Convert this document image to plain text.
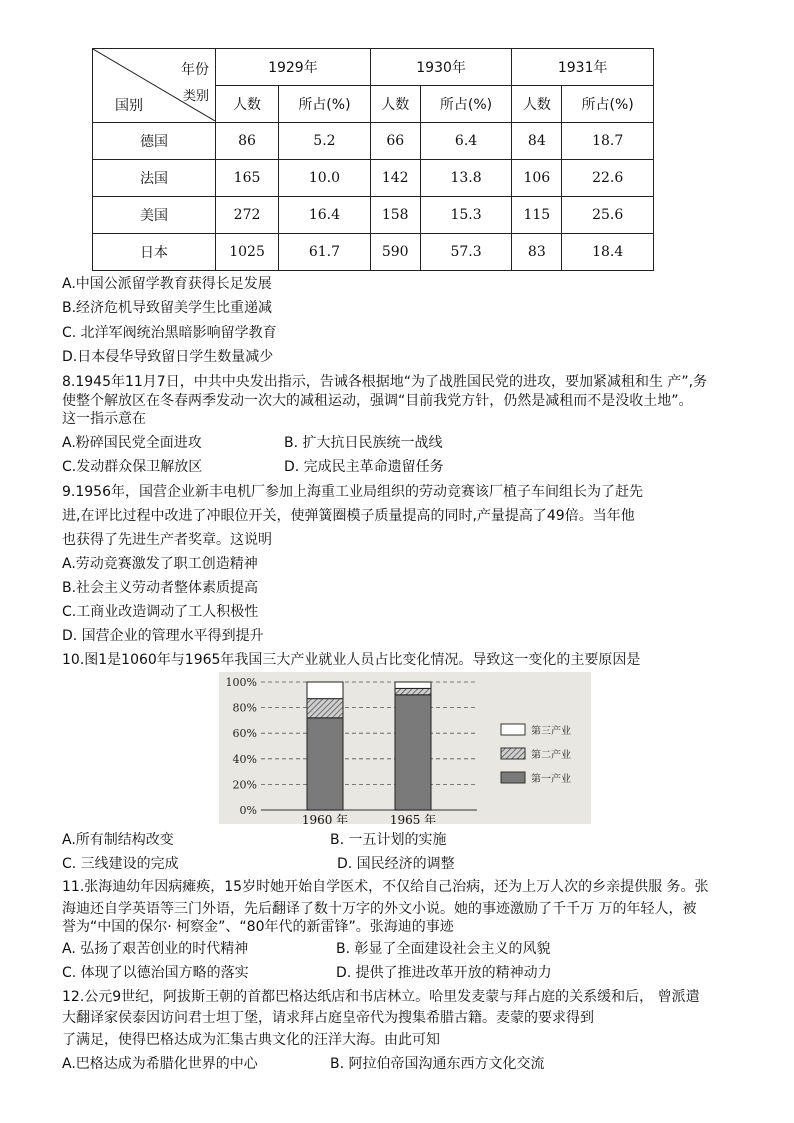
年份
类别
国别	1929年		1930年		1931年	
	人数	所占(%)	人数	所占(%)	人数	所占(%)
德国	86	5.2	66	6.4	84	18.7
法国	165	10.0	142	13.8	106	22.6
美国	272	16.4	158	15.3	115	25.6
日本	1025	61.7	590	57.3	83	18.4
A.中国公派留学教育获得长足发展
B.经济危机导致留美学生比重递减
C. 北洋军阀统治黑暗影响留学教育
D.日本侵华导致留日学生数量减少
8.1945年11月7日，中共中央发出指示，告诫各根据地“为了战胜国民党的进攻，要加紧减租和生 产”,务
使整个解放区在冬春两季发动一次大的减租运动，强调“目前我党方针，仍然是减租而不是没收土地”。
这一指示意在
A.粉碎国民党全面进攻	B. 扩大抗日民族统一战线
C.发动群众保卫解放区	D. 完成民主革命遗留任务
9.1956年，国营企业新丰电机厂参加上海重工业局组织的劳动竞赛该厂植子车间组长为了赶先
进,在评比过程中改进了冲眼位开关，使弹簧圈模子质量提高的同时,产量提高了49倍。当年他
也获得了先进生产者奖章。这说明
A.劳动竞赛激发了职工创造精神
B.社会主义劳动者整体素质提高
C.工商业改造调动了工人积极性
D. 国营企业的管理水平得到提升
10.图1是1060年与1965年我国三大产业就业人员占比变化情况。导致这一变化的主要原因是
0%
20%
40%
60%
80%
100%
1960 年	1965 年
第三产业
第二产业
第一产业
A.所有制结构改变	B. 一五计划的实施
C. 三线建设的完成	D. 国民经济的调整
11.张海迪幼年因病瘫痪，15岁时她开始自学医术，不仅给自己治病，还为上万人次的乡亲提供服 务。张
海迪还自学英语等三门外语，先后翻译了数十万字的外文小说。她的事迹激励了千千万 万的年轻人，被
誉为“中国的保尔· 柯察金”、“80年代的新雷锋”。张海迪的事迹
A. 弘扬了艰苦创业的时代精神	B. 彰显了全面建设社会主义的风貌
C. 体现了以德治国方略的落实	D. 提供了推进改革开放的精神动力
12.公元9世纪，阿拔斯王朝的首都巴格达纸店和书店林立。哈里发麦蒙与拜占庭的关系缓和后， 曾派遣
大翻译家侯泰因访问君士坦丁堡，请求拜占庭皇帝代为搜集希腊古籍。麦蒙的要求得到
了满足，使得巴格达成为汇集古典文化的汪洋大海。由此可知
A.巴格达成为希腊化世界的中心	B. 阿拉伯帝国沟通东西方文化交流
